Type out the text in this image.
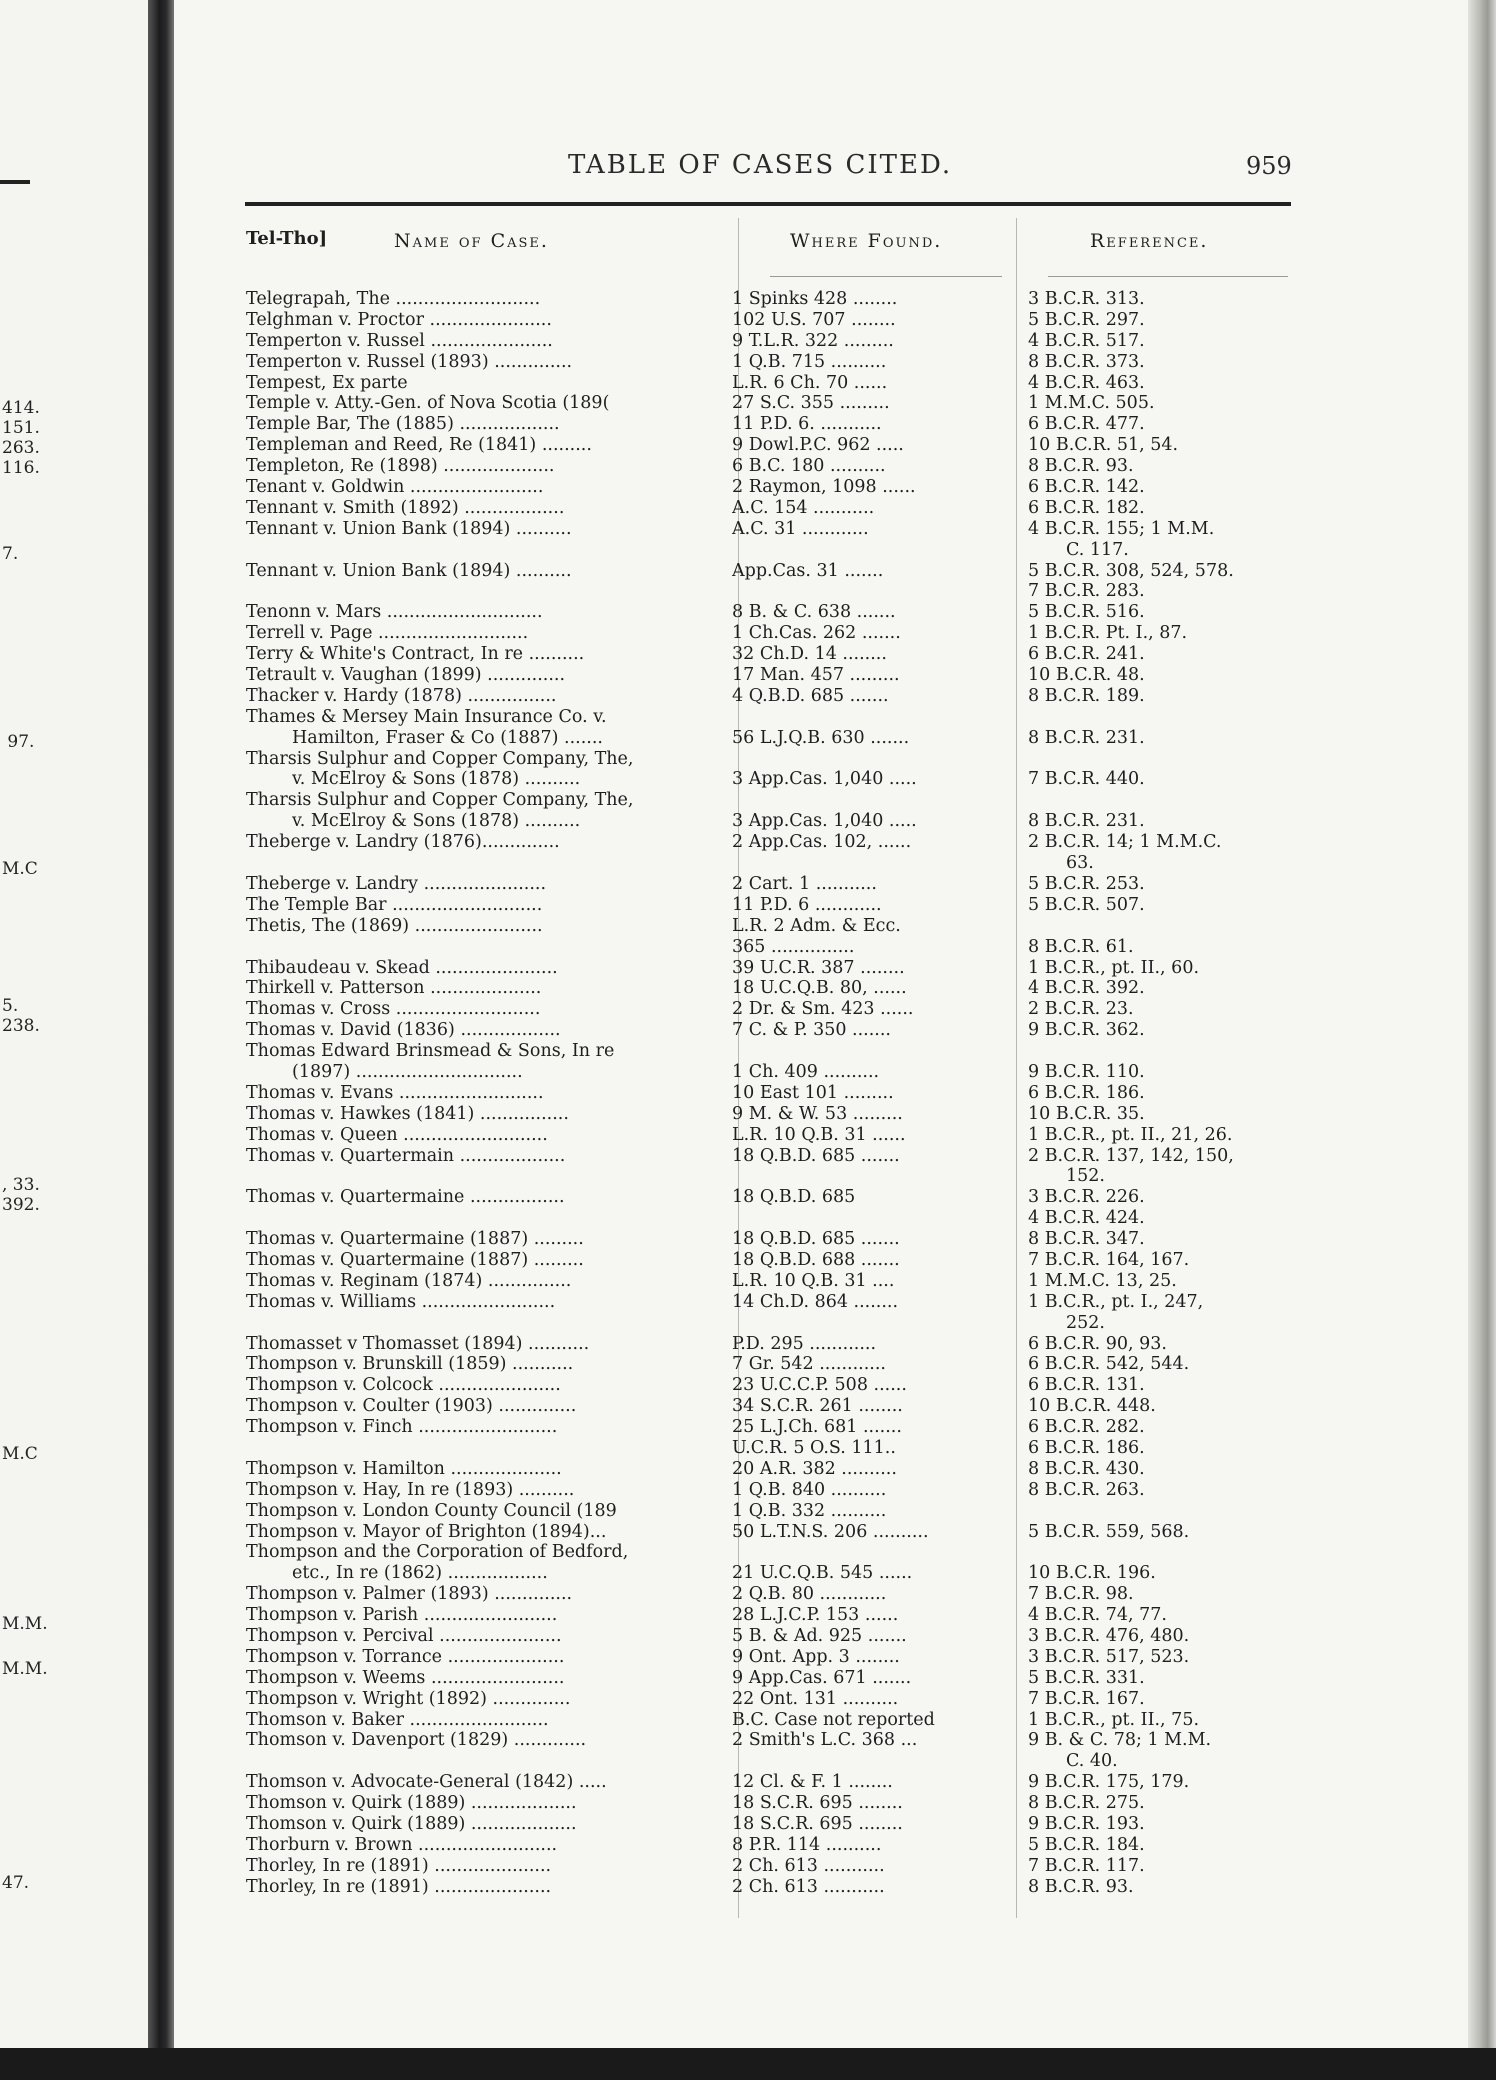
414.
151.
263.
116.
7.
97.
M.C
5.
238.
, 33.
392.
M.C
M.M.
M.M.
47.
TABLE OF CASES CITED.	959
Tel-Tho]	Name of Case.	Where Found.	Reference.
Telegrapah, The ..........................	1 Spinks 428 ........	3 B.C.R. 313.
Telghman v. Proctor ......................	102 U.S. 707 ........	5 B.C.R. 297.
Temperton v. Russel ......................	9 T.L.R. 322 .........	4 B.C.R. 517.
Temperton v. Russel (1893) ..............	1 Q.B. 715 ..........	8 B.C.R. 373.
Tempest, Ex parte	L.R. 6 Ch. 70 ......	4 B.C.R. 463.
Temple v. Atty.-Gen. of Nova Scotia (189(	27 S.C. 355 .........	1 M.M.C. 505.
Temple Bar, The (1885) ..................	11 P.D. 6. ...........	6 B.C.R. 477.
Templeman and Reed, Re (1841) .........	9 Dowl.P.C. 962 .....	10 B.C.R. 51, 54.
Templeton, Re (1898) ....................	6 B.C. 180 ..........	8 B.C.R. 93.
Tenant v. Goldwin ........................	2 Raymon, 1098 ......	6 B.C.R. 142.
Tennant v. Smith (1892) ..................	A.C. 154 ...........	6 B.C.R. 182.
Tennant v. Union Bank (1894) ..........	A.C. 31 ............	4 B.C.R. 155; 1 M.M.
C. 117.
Tennant v. Union Bank (1894) ..........	App.Cas. 31 .......	5 B.C.R. 308, 524, 578.
7 B.C.R. 283.
Tenonn v. Mars ............................	8 B. & C. 638 .......	5 B.C.R. 516.
Terrell v. Page ...........................	1 Ch.Cas. 262 .......	1 B.C.R. Pt. I., 87.
Terry & White's Contract, In re ..........	32 Ch.D. 14 ........	6 B.C.R. 241.
Tetrault v. Vaughan (1899) ..............	17 Man. 457 .........	10 B.C.R. 48.
Thacker v. Hardy (1878) ................	4 Q.B.D. 685 .......	8 B.C.R. 189.
Thames & Mersey Main Insurance Co. v.
Hamilton, Fraser & Co (1887) .......	56 L.J.Q.B. 630 .......	8 B.C.R. 231.
Tharsis Sulphur and Copper Company, The,
v. McElroy & Sons (1878) ..........	3 App.Cas. 1,040 .....	7 B.C.R. 440.
Tharsis Sulphur and Copper Company, The,
v. McElroy & Sons (1878) ..........	3 App.Cas. 1,040 .....	8 B.C.R. 231.
Theberge v. Landry (1876)..............	2 App.Cas. 102, ......	2 B.C.R. 14; 1 M.M.C.
63.
Theberge v. Landry ......................	2 Cart. 1 ...........	5 B.C.R. 253.
The Temple Bar ...........................	11 P.D. 6 ............	5 B.C.R. 507.
Thetis, The (1869) .......................	L.R. 2 Adm. & Ecc.
365 ...............	8 B.C.R. 61.
Thibaudeau v. Skead ......................	39 U.C.R. 387 ........	1 B.C.R., pt. II., 60.
Thirkell v. Patterson ....................	18 U.C.Q.B. 80, ......	4 B.C.R. 392.
Thomas v. Cross ..........................	2 Dr. & Sm. 423 ......	2 B.C.R. 23.
Thomas v. David (1836) ..................	7 C. & P. 350 .......	9 B.C.R. 362.
Thomas Edward Brinsmead & Sons, In re
(1897) ..............................	1 Ch. 409 ..........	9 B.C.R. 110.
Thomas v. Evans ..........................	10 East 101 .........	6 B.C.R. 186.
Thomas v. Hawkes (1841) ................	9 M. & W. 53 .........	10 B.C.R. 35.
Thomas v. Queen ..........................	L.R. 10 Q.B. 31 ......	1 B.C.R., pt. II., 21, 26.
Thomas v. Quartermain ...................	18 Q.B.D. 685 .......	2 B.C.R. 137, 142, 150,
152.
Thomas v. Quartermaine .................	18 Q.B.D. 685	3 B.C.R. 226.
4 B.C.R. 424.
Thomas v. Quartermaine (1887) .........	18 Q.B.D. 685 .......	8 B.C.R. 347.
Thomas v. Quartermaine (1887) .........	18 Q.B.D. 688 .......	7 B.C.R. 164, 167.
Thomas v. Reginam (1874) ...............	L.R. 10 Q.B. 31 ....	1 M.M.C. 13, 25.
Thomas v. Williams ........................	14 Ch.D. 864 ........	1 B.C.R., pt. I., 247,
252.
Thomasset v Thomasset (1894) ...........	P.D. 295 ............	6 B.C.R. 90, 93.
Thompson v. Brunskill (1859) ...........	7 Gr. 542 ............	6 B.C.R. 542, 544.
Thompson v. Colcock ......................	23 U.C.C.P. 508 ......	6 B.C.R. 131.
Thompson v. Coulter (1903) ..............	34 S.C.R. 261 ........	10 B.C.R. 448.
Thompson v. Finch .........................	25 L.J.Ch. 681 .......	6 B.C.R. 282.
U.C.R. 5 O.S. 111..	6 B.C.R. 186.
Thompson v. Hamilton ....................	20 A.R. 382 ..........	8 B.C.R. 430.
Thompson v. Hay, In re (1893) ..........	1 Q.B. 840 ..........	8 B.C.R. 263.
Thompson v. London County Council (189	1 Q.B. 332 ..........
Thompson v. Mayor of Brighton (1894)...	50 L.T.N.S. 206 ..........	5 B.C.R. 559, 568.
Thompson and the Corporation of Bedford,
etc., In re (1862) ..................	21 U.C.Q.B. 545 ......	10 B.C.R. 196.
Thompson v. Palmer (1893) ..............	2 Q.B. 80 ............	7 B.C.R. 98.
Thompson v. Parish ........................	28 L.J.C.P. 153 ......	4 B.C.R. 74, 77.
Thompson v. Percival ......................	5 B. & Ad. 925 .......	3 B.C.R. 476, 480.
Thompson v. Torrance .....................	9 Ont. App. 3 ........	3 B.C.R. 517, 523.
Thompson v. Weems ........................	9 App.Cas. 671 .......	5 B.C.R. 331.
Thompson v. Wright (1892) ..............	22 Ont. 131 ..........	7 B.C.R. 167.
Thomson v. Baker .........................	B.C. Case not reported	1 B.C.R., pt. II., 75.
Thomson v. Davenport (1829) .............	2 Smith's L.C. 368 ...	9 B. & C. 78; 1 M.M.
C. 40.
Thomson v. Advocate-General (1842) .....	12 Cl. & F. 1 ........	9 B.C.R. 175, 179.
Thomson v. Quirk (1889) ...................	18 S.C.R. 695 ........	8 B.C.R. 275.
Thomson v. Quirk (1889) ...................	18 S.C.R. 695 ........	9 B.C.R. 193.
Thorburn v. Brown .........................	8 P.R. 114 ..........	5 B.C.R. 184.
Thorley, In re (1891) .....................	2 Ch. 613 ...........	7 B.C.R. 117.
Thorley, In re (1891) .....................	2 Ch. 613 ...........	8 B.C.R. 93.
